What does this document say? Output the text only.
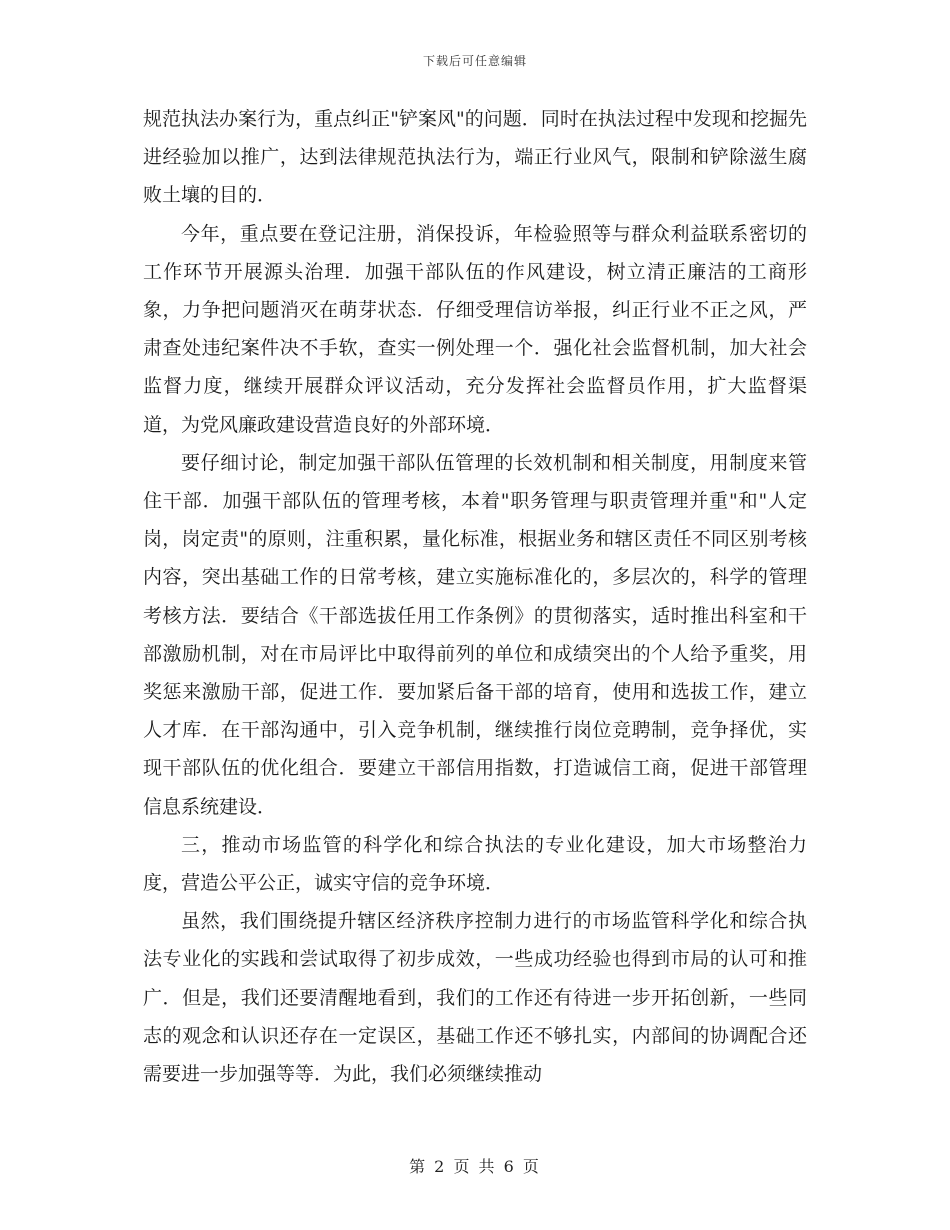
下载后可任意编辑

规范执法办案行为，重点纠正"铲案风"的问题．同时在执法过程中发现和挖掘先进经验加以推广，达到法律规范执法行为，端正行业风气，限制和铲除滋生腐败土壤的目的．

今年，重点要在登记注册，消保投诉，年检验照等与群众利益联系密切的工作环节开展源头治理．加强干部队伍的作风建设，树立清正廉洁的工商形象，力争把问题消灭在萌芽状态．仔细受理信访举报，纠正行业不正之风，严肃查处违纪案件决不手软，查实一例处理一个．强化社会监督机制，加大社会监督力度，继续开展群众评议活动，充分发挥社会监督员作用，扩大监督渠道，为党风廉政建设营造良好的外部环境．

要仔细讨论，制定加强干部队伍管理的长效机制和相关制度，用制度来管住干部．加强干部队伍的管理考核，本着"职务管理与职责管理并重"和"人定岗，岗定责"的原则，注重积累，量化标准，根据业务和辖区责任不同区别考核内容，突出基础工作的日常考核，建立实施标准化的，多层次的，科学的管理考核方法．要结合《干部选拔任用工作条例》的贯彻落实，适时推出科室和干部激励机制，对在市局评比中取得前列的单位和成绩突出的个人给予重奖，用奖惩来激励干部，促进工作．要加紧后备干部的培育，使用和选拔工作，建立人才库．在干部沟通中，引入竞争机制，继续推行岗位竞聘制，竞争择优，实现干部队伍的优化组合．要建立干部信用指数，打造诚信工商，促进干部管理信息系统建设．

三，推动市场监管的科学化和综合执法的专业化建设，加大市场整治力度，营造公平公正，诚实守信的竞争环境．

虽然，我们围绕提升辖区经济秩序控制力进行的市场监管科学化和综合执法专业化的实践和尝试取得了初步成效，一些成功经验也得到市局的认可和推广．但是，我们还要清醒地看到，我们的工作还有待进一步开拓创新，一些同志的观念和认识还存在一定误区，基础工作还不够扎实，内部间的协调配合还需要进一步加强等等．为此，我们必须继续推动

第 2 页 共 6 页
